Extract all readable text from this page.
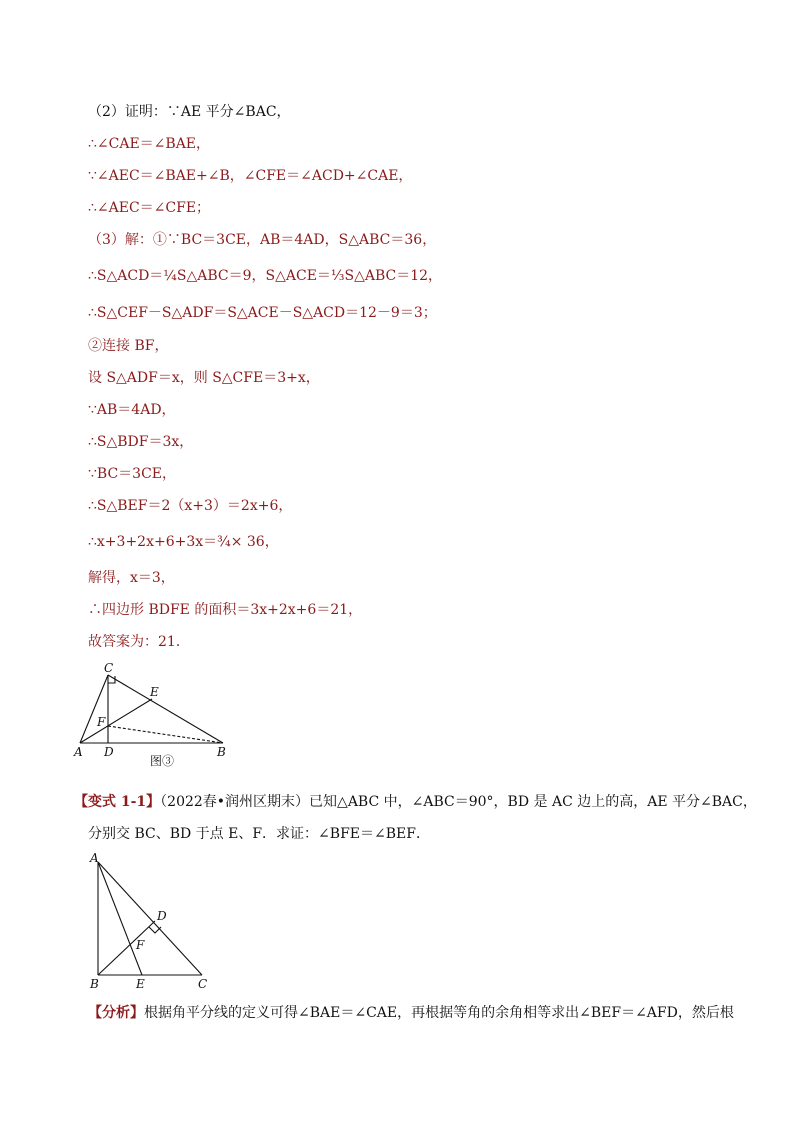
（2）证明：∵AE 平分∠BAC，
∴∠CAE＝∠BAE，
∵∠AEC＝∠BAE+∠B，∠CFE＝∠ACD+∠CAE，
∴∠AEC＝∠CFE；
（3）解：①∵BC＝3CE，AB＝4AD，S△ABC＝36，
∴S△ACD＝¼S△ABC＝9，S△ACE＝⅓S△ABC＝12，
∴S△CEF－S△ADF＝S△ACE－S△ACD＝12－9＝3；
②连接 BF，
设 S△ADF＝x，则 S△CFE＝3+x，
∵AB＝4AD，
∴S△BDF＝3x，
∵BC＝3CE，
∴S△BEF＝2（x+3）＝2x+6，
∴x+3+2x+6+3x＝¾× 36，
解得，x＝3，
∴四边形 BDFE 的面积＝3x+2x+6＝21，
故答案为：21．
C
E
F
A D	B
图③
【变式 1-1】（2022春•润州区期末）已知△ABC 中，∠ABC＝90°，BD 是 AC 边上的高，AE 平分∠BAC，
分别交 BC、BD 于点 E、F．求证：∠BFE＝∠BEF．
A
D
F
B	E	C
【分析】根据角平分线的定义可得∠BAE＝∠CAE，再根据等角的余角相等求出∠BEF＝∠AFD，然后根
